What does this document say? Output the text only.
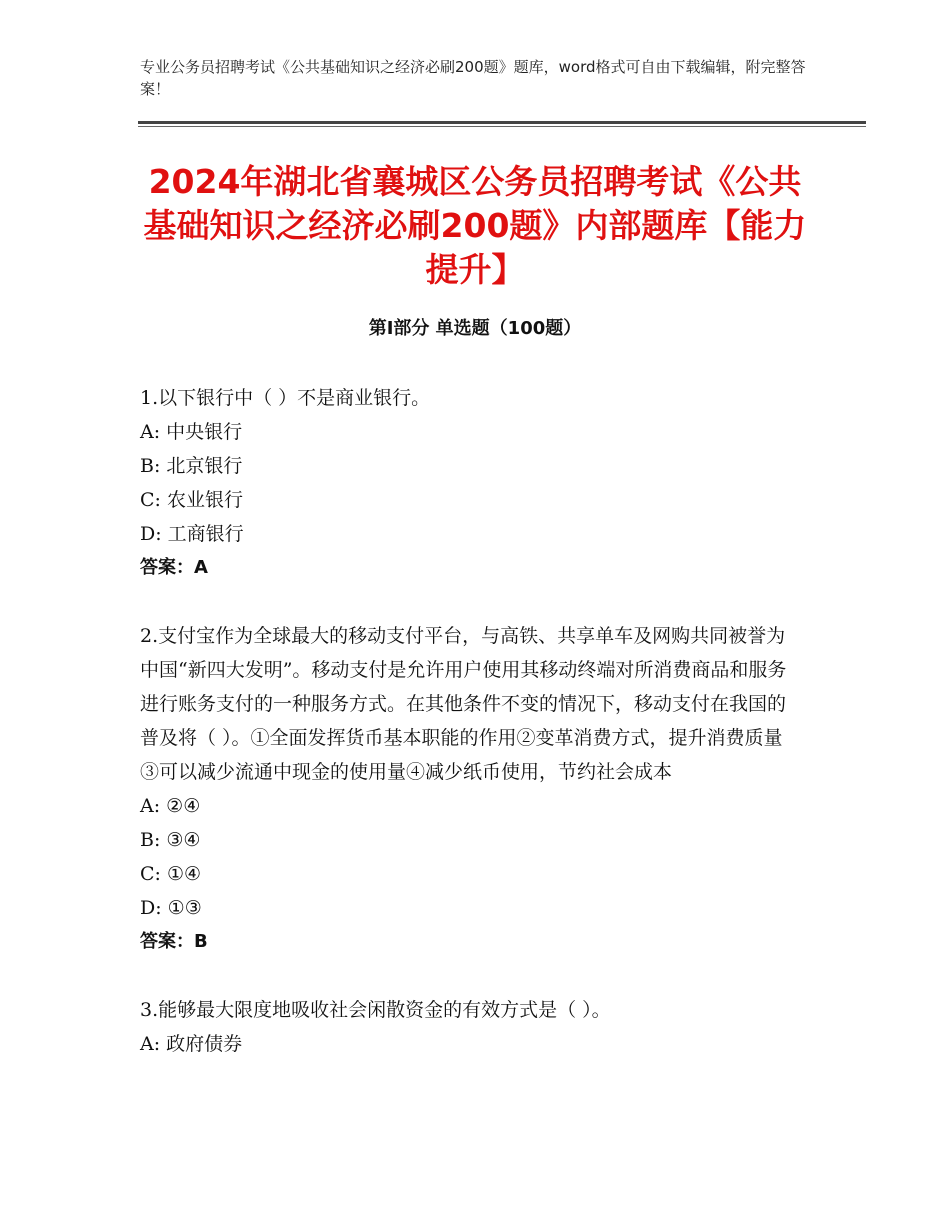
专业公务员招聘考试《公共基础知识之经济必刷200题》题库，word格式可自由下载编辑，附完整答案！
2024年湖北省襄城区公务员招聘考试《公共基础知识之经济必刷200题》内部题库【能力提升】
第Ⅰ部分 单选题（100题）

1.以下银行中（ ）不是商业银行。

A: 中央银行

B: 北京银行

C: 农业银行

D: 工商银行

答案：A

2.支付宝作为全球最大的移动支付平台，与高铁、共享单车及网购共同被誉为中国“新四大发明”。移动支付是允许用户使用其移动终端对所消费商品和服务进行账务支付的一种服务方式。在其他条件不变的情况下，移动支付在我国的普及将（ ）。①全面发挥货币基本职能的作用②变革消费方式，提升消费质量③可以减少流通中现金的使用量④减少纸币使用，节约社会成本

A: ②④

B: ③④

C: ①④

D: ①③

答案：B

3.能够最大限度地吸收社会闲散资金的有效方式是（ ）。

A: 政府债券
